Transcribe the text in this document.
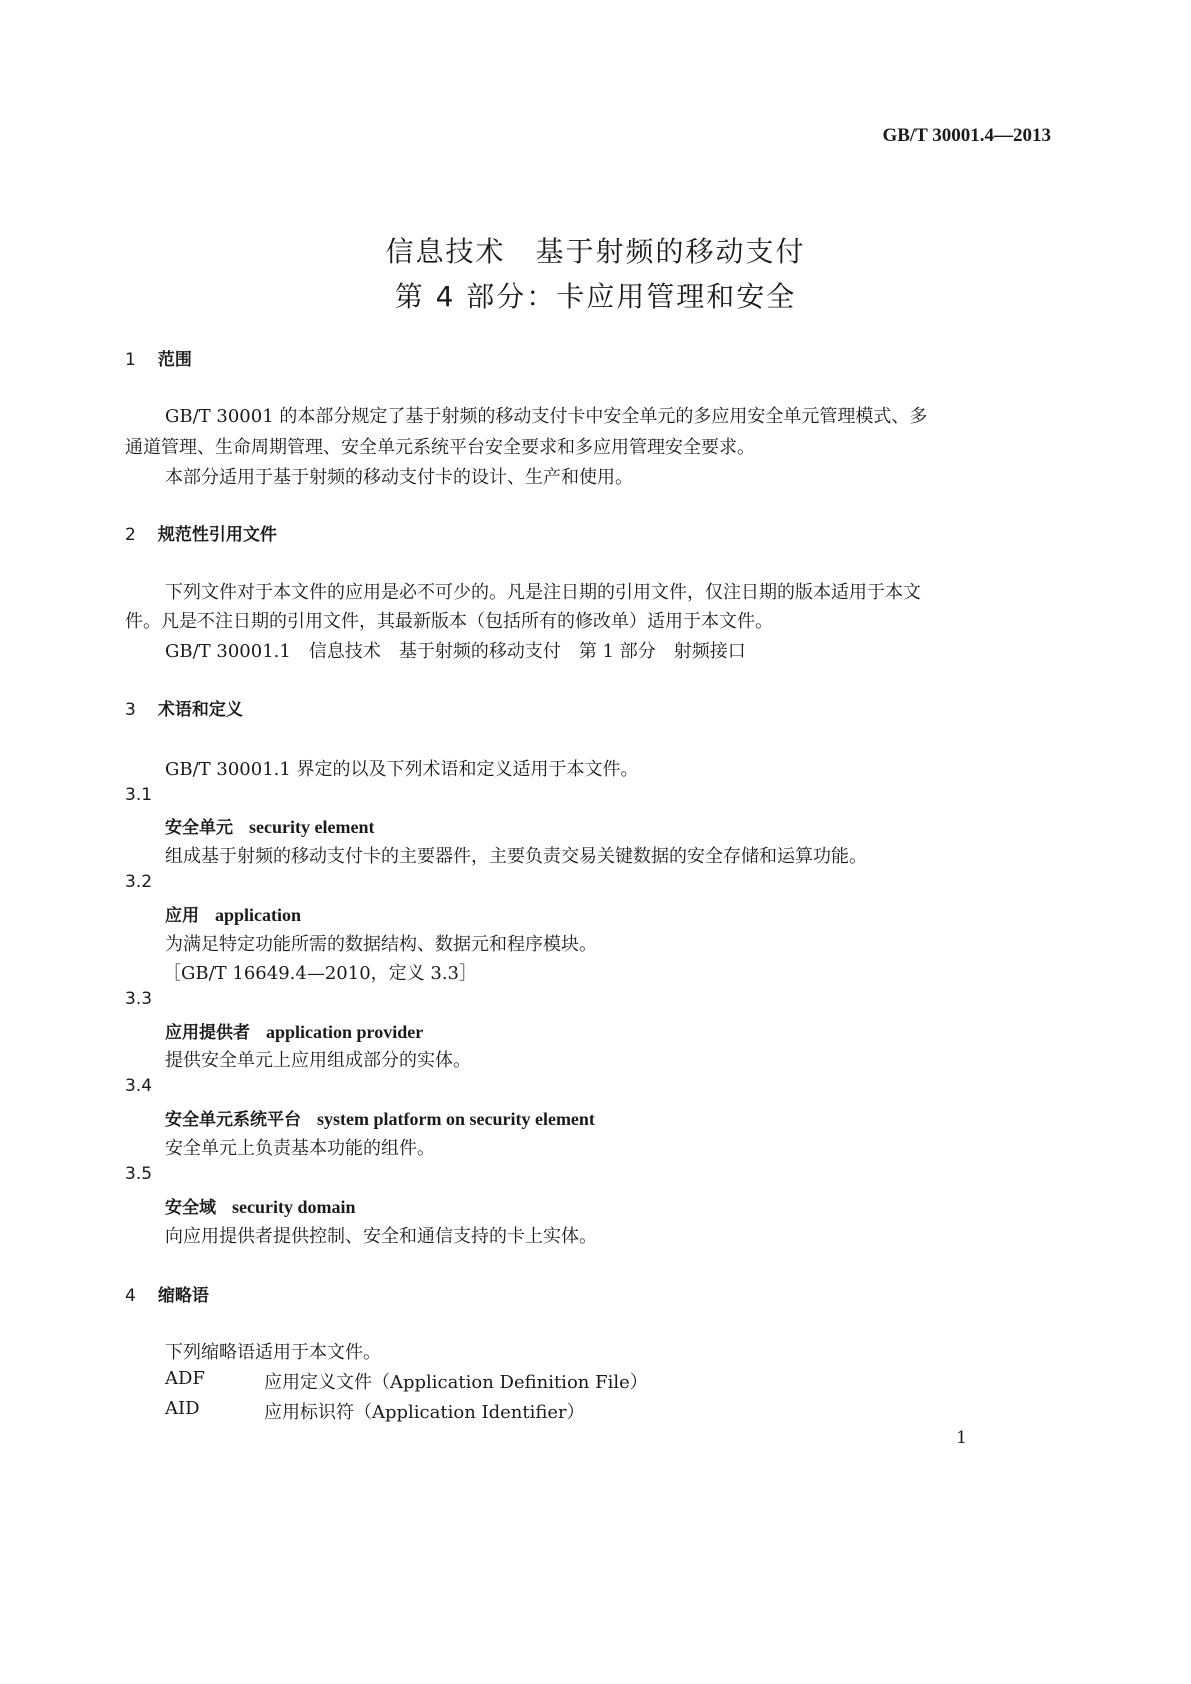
GB/T 30001.4—2013
信息技术　基于射频的移动支付
第 4 部分：卡应用管理和安全
1 范围
GB/T 30001 的本部分规定了基于射频的移动支付卡中安全单元的多应用安全单元管理模式、多
通道管理、生命周期管理、安全单元系统平台安全要求和多应用管理安全要求。
本部分适用于基于射频的移动支付卡的设计、生产和使用。
2 规范性引用文件
下列文件对于本文件的应用是必不可少的。凡是注日期的引用文件，仅注日期的版本适用于本文
件。凡是不注日期的引用文件，其最新版本（包括所有的修改单）适用于本文件。
GB/T 30001.1　信息技术　基于射频的移动支付　第 1 部分　射频接口
3 术语和定义
GB/T 30001.1 界定的以及下列术语和定义适用于本文件。
3.1
安全单元 security element
组成基于射频的移动支付卡的主要器件，主要负责交易关键数据的安全存储和运算功能。
3.2
应用 application
为满足特定功能所需的数据结构、数据元和程序模块。
［GB/T 16649.4—2010，定义 3.3］
3.3
应用提供者 application provider
提供安全单元上应用组成部分的实体。
3.4
安全单元系统平台 system platform on security element
安全单元上负责基本功能的组件。
3.5
安全域 security domain
向应用提供者提供控制、安全和通信支持的卡上实体。
4 缩略语
下列缩略语适用于本文件。
ADF	应用定义文件（Application Definition File）
AID	应用标识符（Application Identifier）
1
